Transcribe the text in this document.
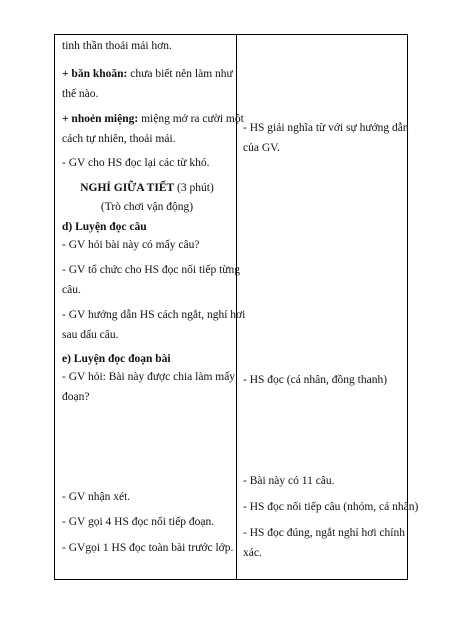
tinh thần thoải mái hơn.
+ băn khoăn: chưa biết nên làm như
thế nào.
+ nhoẻn miệng: miệng mở ra cười một
cách tự nhiên, thoải mái.
- GV cho HS đọc lại các từ khó.
NGHỈ GIỮA TIẾT (3 phút)
(Trò chơi vận động)
d) Luyện đọc câu
- GV hỏi bài này có mấy câu?
- GV tổ chức cho HS đọc nối tiếp từng
câu.
- GV hướng dẫn HS cách ngắt, nghỉ hơi
sau dấu câu.
e) Luyện đọc đoạn bài
- GV hỏi: Bài này được chia làm mấy
đoạn?
- GV nhận xét.
- GV gọi 4 HS đọc nối tiếp đoạn.
- GVgọi 1 HS đọc toàn bài trước lớp.
- HS giải nghĩa từ với sự hướng dẫn
của GV.
- HS đọc (cá nhân, đồng thanh)
- Bài này có 11 câu.
- HS đọc nối tiếp câu (nhóm, cá nhân)
- HS đọc đúng, ngắt nghỉ hơi chính
xác.
